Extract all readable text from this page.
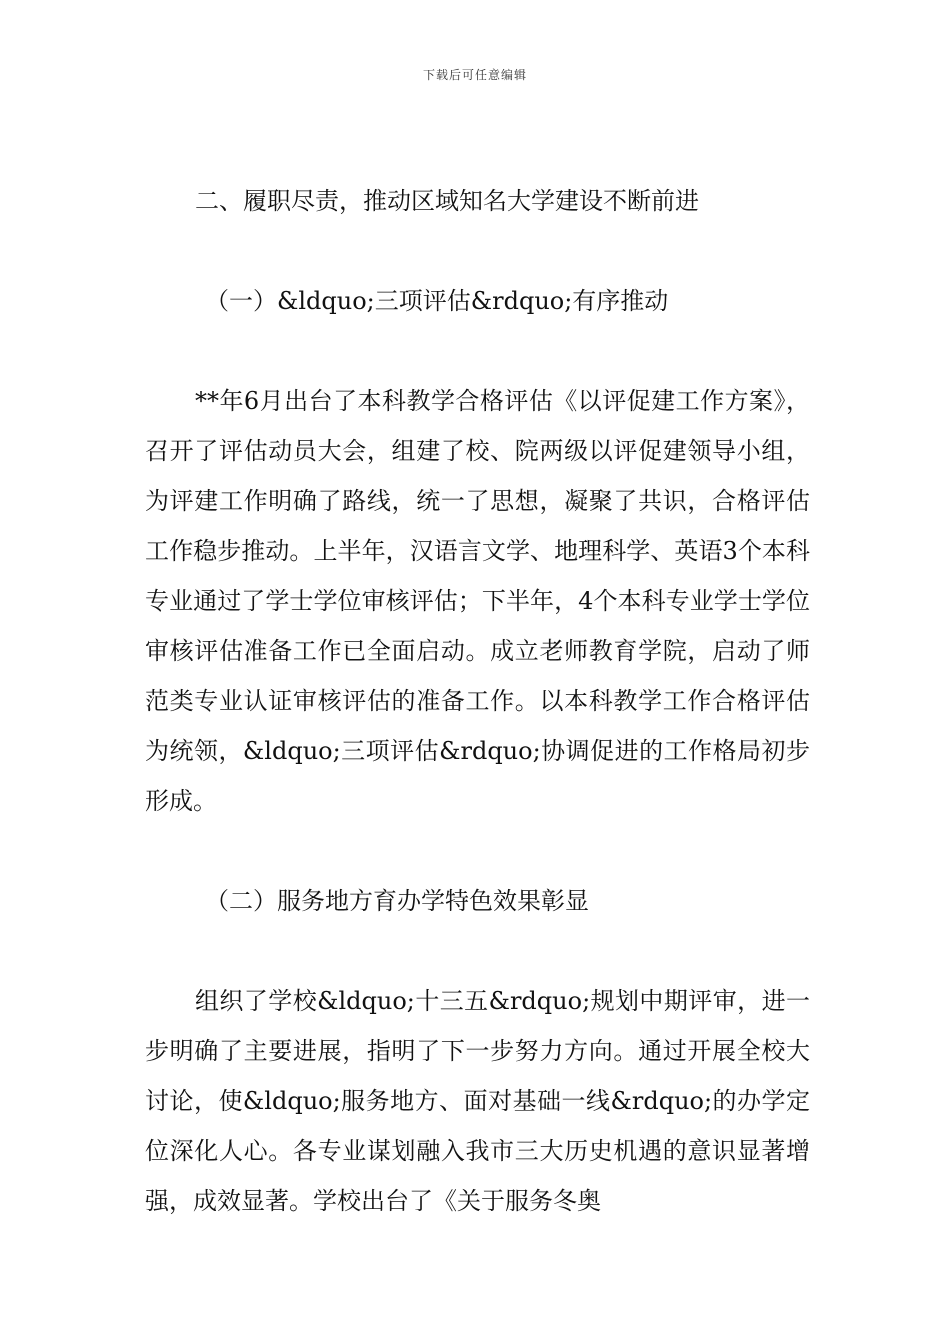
下载后可任意编辑

二、履职尽责，推动区域知名大学建设不断前进

（一）&ldquo;三项评估&rdquo;有序推动

**年6月出台了本科教学合格评估《以评促建工作方案》，召开了评估动员大会，组建了校、院两级以评促建领导小组，为评建工作明确了路线，统一了思想，凝聚了共识，合格评估工作稳步推动。上半年，汉语言文学、地理科学、英语3个本科专业通过了学士学位审核评估；下半年，4个本科专业学士学位审核评估准备工作已全面启动。成立老师教育学院，启动了师范类专业认证审核评估的准备工作。以本科教学工作合格评估为统领，&ldquo;三项评估&rdquo;协调促进的工作格局初步形成。

（二）服务地方育办学特色效果彰显

组织了学校&ldquo;十三五&rdquo;规划中期评审，进一步明确了主要进展，指明了下一步努力方向。通过开展全校大讨论，使&ldquo;服务地方、面对基础一线&rdquo;的办学定位深化人心。各专业谋划融入我市三大历史机遇的意识显著增强，成效显著。学校出台了《关于服务冬奥
